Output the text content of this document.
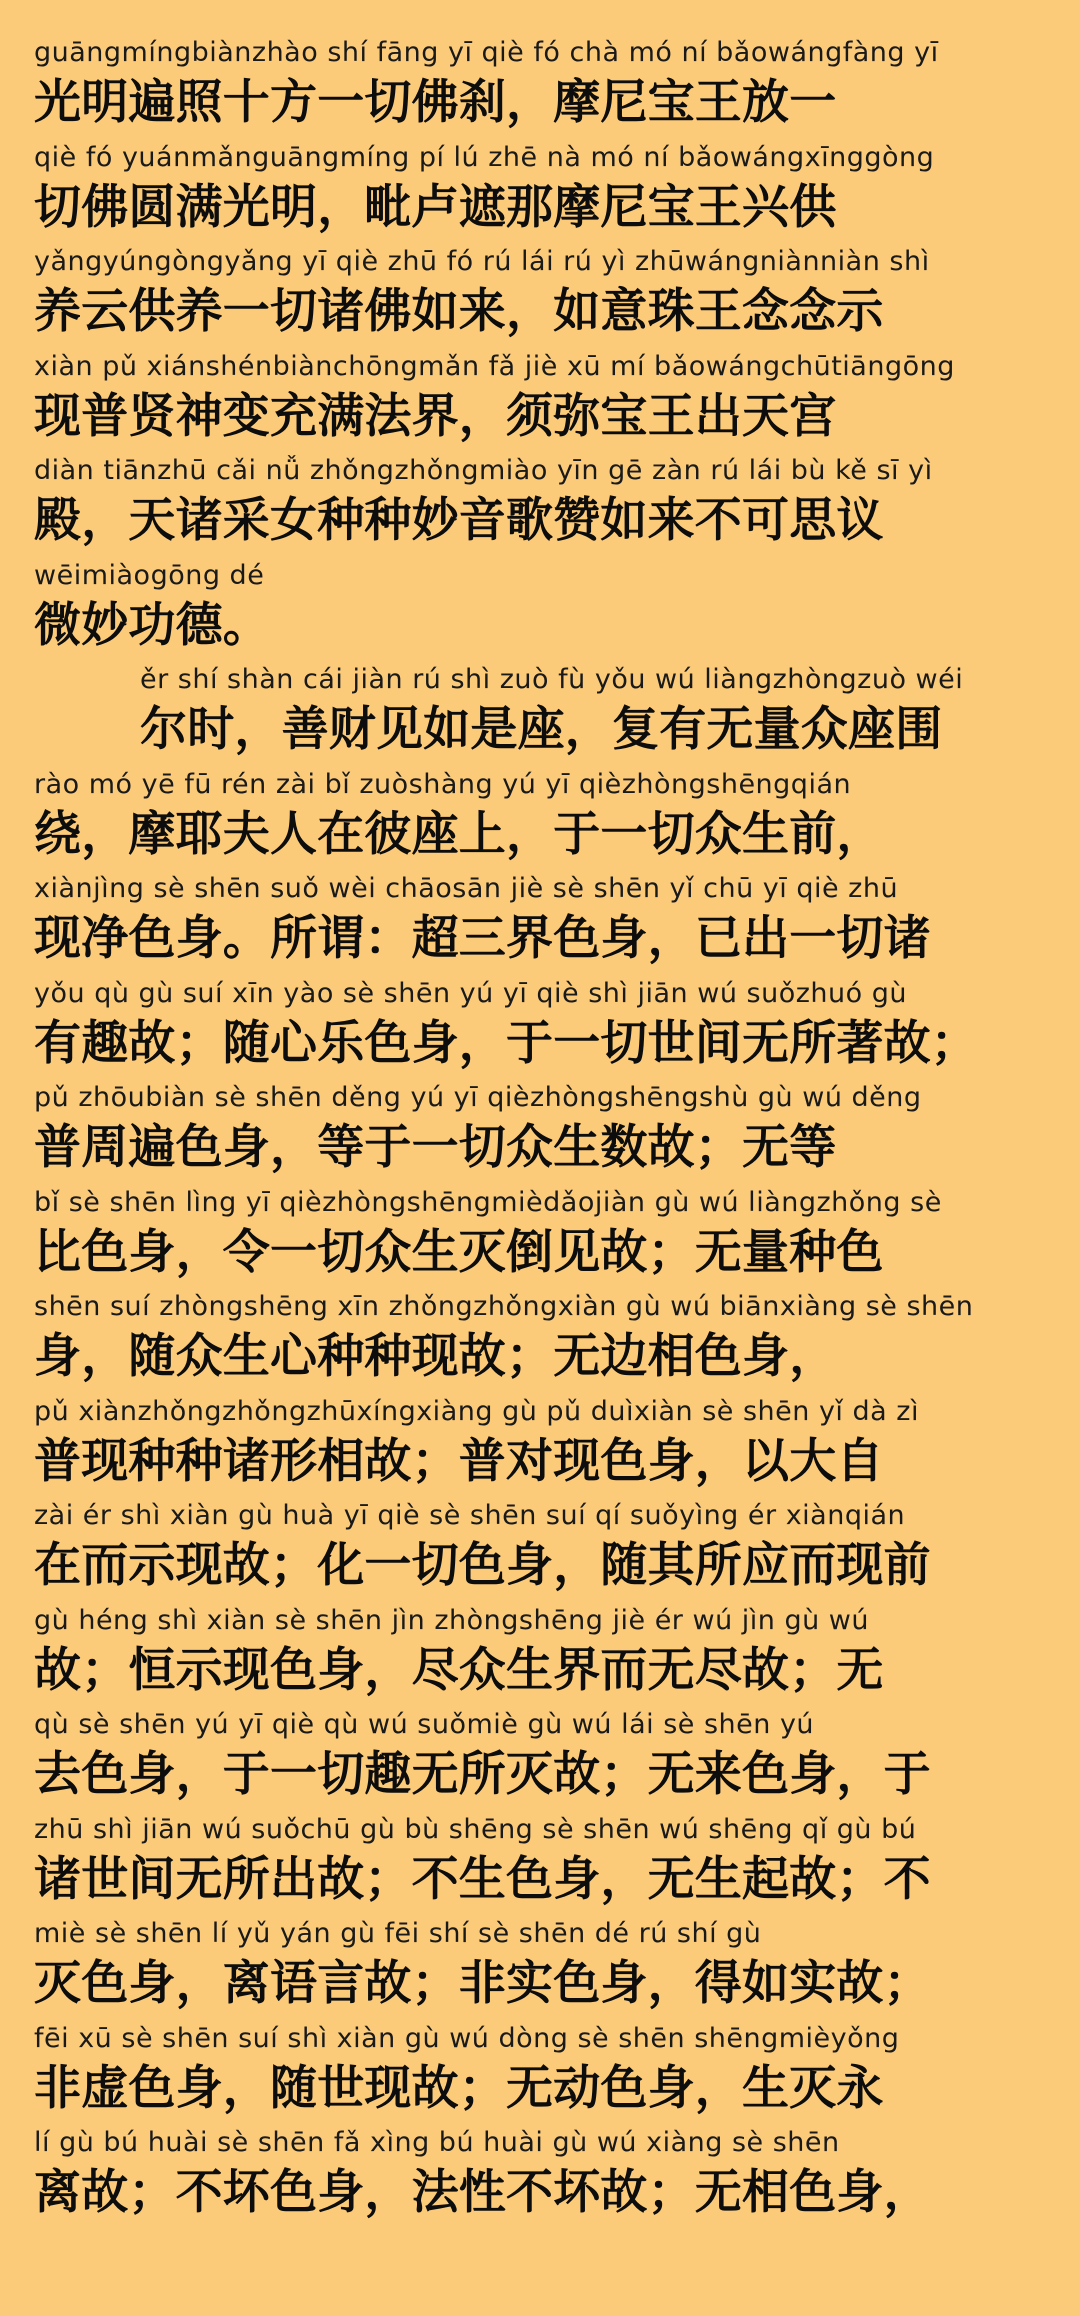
guāngmíngbiànzhào shí fāng yī qiè fó chà mó ní bǎowángfàng yī
光明遍照十方一切佛刹，摩尼宝王放一
qiè fó yuánmǎnguāngmíng pí lú zhē nà mó ní bǎowángxīnggòng
切佛圆满光明，毗卢遮那摩尼宝王兴供
yǎngyúngòngyǎng yī qiè zhū fó rú lái rú yì zhūwángniànniàn shì
养云供养一切诸佛如来，如意珠王念念示
xiàn pǔ xiánshénbiànchōngmǎn fǎ jiè xū mí bǎowángchūtiāngōng
现普贤神变充满法界，须弥宝王出天宫
diàn tiānzhū cǎi nǚ zhǒngzhǒngmiào yīn gē zàn rú lái bù kě sī yì
殿，天诸采女种种妙音歌赞如来不可思议
wēimiàogōng dé
微妙功德。
ěr shí shàn cái jiàn rú shì zuò fù yǒu wú liàngzhòngzuò wéi
尔时，善财见如是座，复有无量众座围
rào mó yē fū rén zài bǐ zuòshàng yú yī qièzhòngshēngqián
绕，摩耶夫人在彼座上，于一切众生前，
xiànjìng sè shēn suǒ wèi chāosān jiè sè shēn yǐ chū yī qiè zhū
现净色身。所谓：超三界色身，已出一切诸
yǒu qù gù suí xīn yào sè shēn yú yī qiè shì jiān wú suǒzhuó gù
有趣故；随心乐色身，于一切世间无所著故；
pǔ zhōubiàn sè shēn děng yú yī qièzhòngshēngshù gù wú děng
普周遍色身，等于一切众生数故；无等
bǐ sè shēn lìng yī qièzhòngshēngmièdǎojiàn gù wú liàngzhǒng sè
比色身，令一切众生灭倒见故；无量种色
shēn suí zhòngshēng xīn zhǒngzhǒngxiàn gù wú biānxiàng sè shēn
身，随众生心种种现故；无边相色身，
pǔ xiànzhǒngzhǒngzhūxíngxiàng gù pǔ duìxiàn sè shēn yǐ dà zì
普现种种诸形相故；普对现色身，以大自
zài ér shì xiàn gù huà yī qiè sè shēn suí qí suǒyìng ér xiànqián
在而示现故；化一切色身，随其所应而现前
gù héng shì xiàn sè shēn jìn zhòngshēng jiè ér wú jìn gù wú
故；恒示现色身，尽众生界而无尽故；无
qù sè shēn yú yī qiè qù wú suǒmiè gù wú lái sè shēn yú
去色身，于一切趣无所灭故；无来色身，于
zhū shì jiān wú suǒchū gù bù shēng sè shēn wú shēng qǐ gù bú
诸世间无所出故；不生色身，无生起故；不
miè sè shēn lí yǔ yán gù fēi shí sè shēn dé rú shí gù
灭色身，离语言故；非实色身，得如实故；
fēi xū sè shēn suí shì xiàn gù wú dòng sè shēn shēngmièyǒng
非虚色身，随世现故；无动色身，生灭永
lí gù bú huài sè shēn fǎ xìng bú huài gù wú xiàng sè shēn
离故；不坏色身，法性不坏故；无相色身，
